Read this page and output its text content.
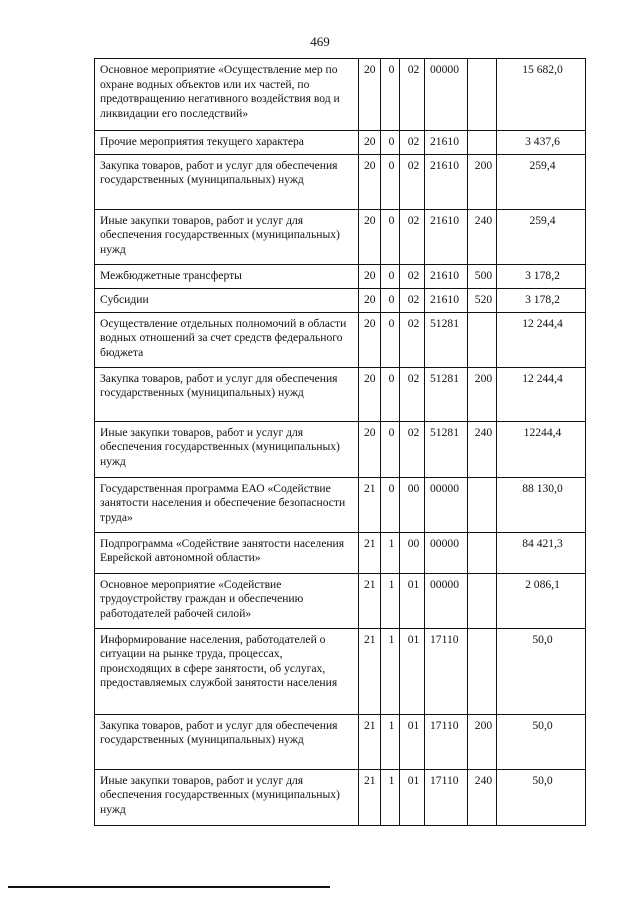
469
Основное мероприятие «Осуществление мер по охране водных объектов или их частей, по предотвращению негативного воздействия вод и ликвидации его последствий»	20	0	02	00000		15 682,0
Прочие мероприятия текущего характера	20	0	02	21610		3 437,6
Закупка товаров, работ и услуг для обеспечения государственных (муниципальных) нужд	20	0	02	21610	200	259,4
Иные закупки товаров, работ и услуг для обеспечения государственных (муниципальных) нужд	20	0	02	21610	240	259,4
Межбюджетные трансферты	20	0	02	21610	500	3 178,2
Субсидии	20	0	02	21610	520	3 178,2
Осуществление отдельных полномочий в области водных отношений за счет средств федерального бюджета	20	0	02	51281		12 244,4
Закупка товаров, работ и услуг для обеспечения государственных (муниципальных) нужд	20	0	02	51281	200	12 244,4
Иные закупки товаров, работ и услуг для обеспечения государственных (муниципальных) нужд	20	0	02	51281	240	12244,4
Государственная программа ЕАО «Содействие занятости населения и обеспечение безопасности труда»	21	0	00	00000		88 130,0
Подпрограмма «Содействие занятости населения Еврейской автономной области»	21	1	00	00000		84 421,3
Основное мероприятие «Содействие трудоустройству граждан и обеспечению работодателей рабочей силой»	21	1	01	00000		2 086,1
Информирование населения, работодателей о ситуации на рынке труда, процессах, происходящих в сфере занятости, об услугах, предоставляемых службой занятости населения	21	1	01	17110		50,0
Закупка товаров, работ и услуг для обеспечения государственных (муниципальных) нужд	21	1	01	17110	200	50,0
Иные закупки товаров, работ и услуг для обеспечения государственных (муниципальных) нужд	21	1	01	17110	240	50,0
